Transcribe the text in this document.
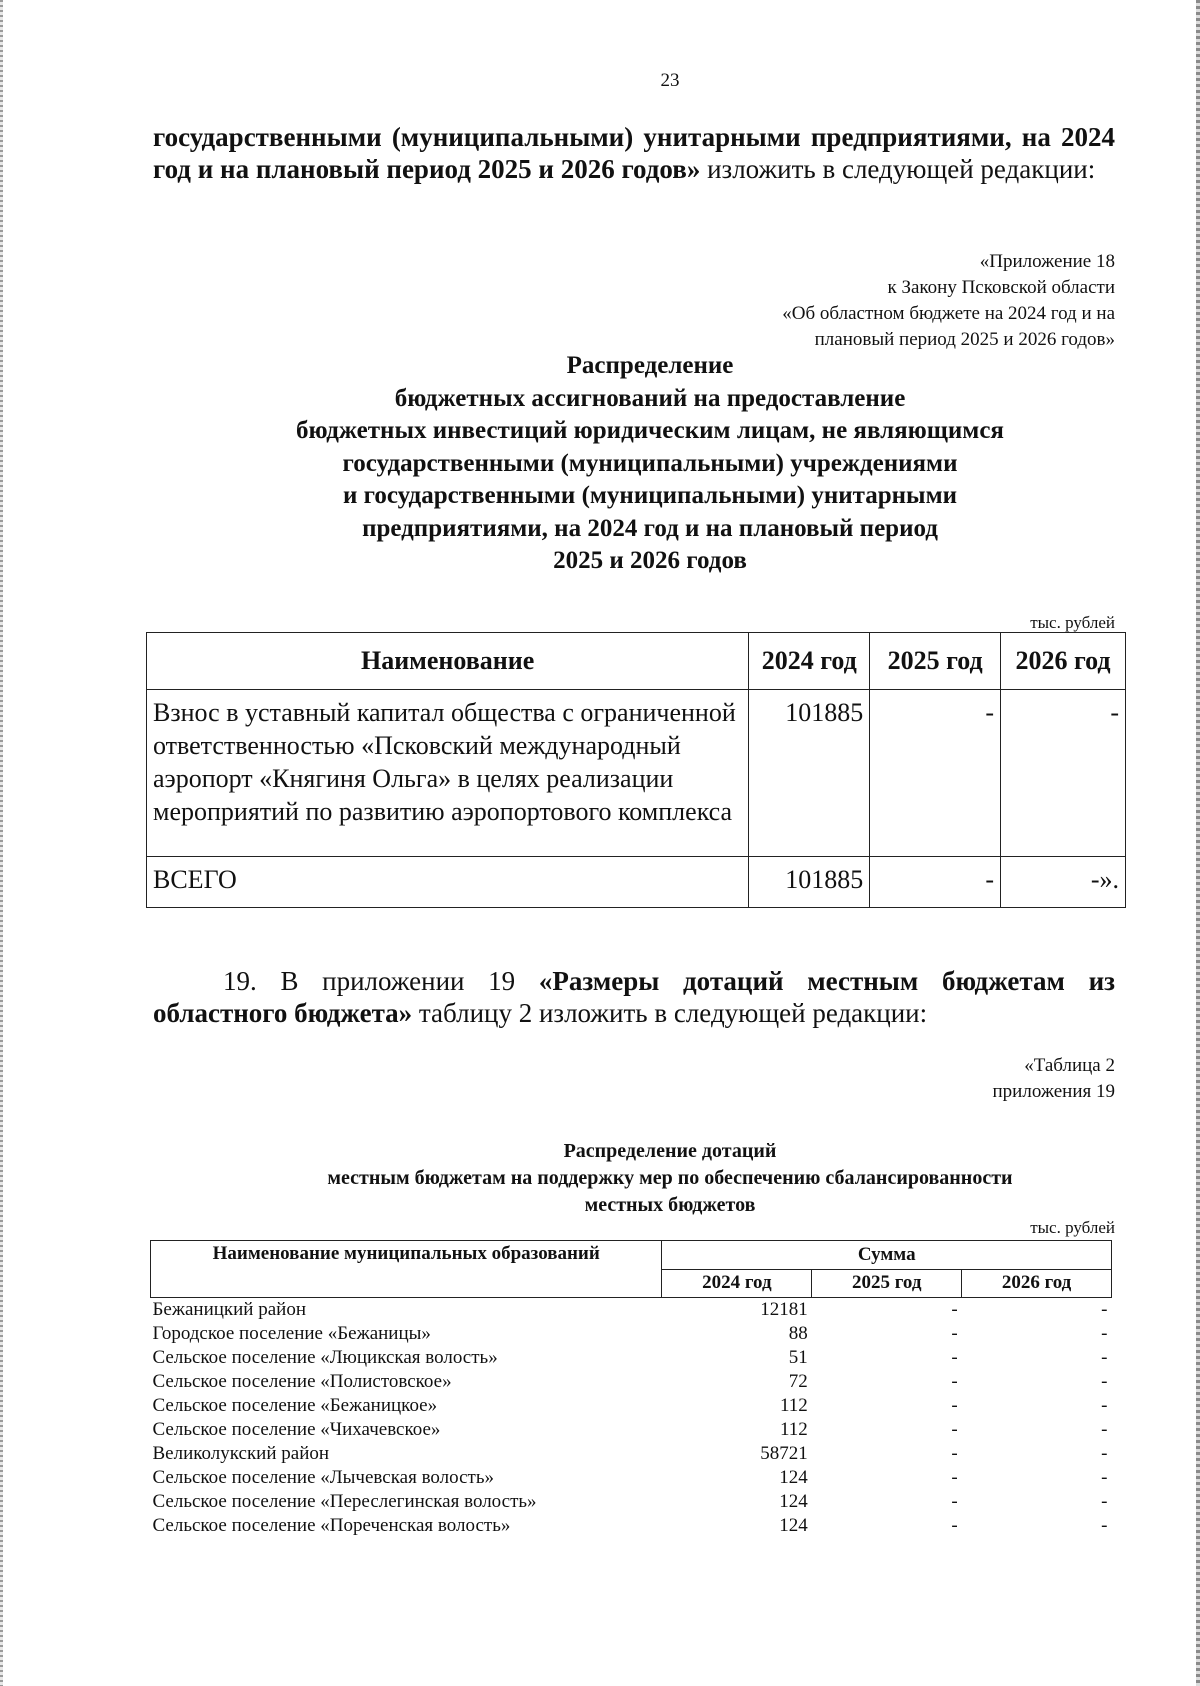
23
государственными (муниципальными) унитарными предприятиями, на 2024 год и на плановый период 2025 и 2026 годов» изложить в следующей редакции:
«Приложение 18
к Закону Псковской области
«Об областном бюджете на 2024 год и на
плановый период 2025 и 2026 годов»
Распределение
бюджетных ассигнований на предоставление
бюджетных инвестиций юридическим лицам, не являющимся
государственными (муниципальными) учреждениями
и государственными (муниципальными) унитарными
предприятиями, на 2024 год и на плановый период
2025 и 2026 годов
тыс. рублей
Наименование	2024 год	2025 год	2026 год
Взнос в уставный капитал общества с ограниченной ответственностью «Псковский международный аэропорт «Княгиня Ольга» в целях реализации мероприятий по развитию аэропортового комплекса	101885	-	-
ВСЕГО	101885	-	-».
19. В приложении 19 «Размеры дотаций местным бюджетам из областного бюджета» таблицу 2 изложить в следующей редакции:
«Таблица 2
приложения 19
Распределение дотаций
местным бюджетам на поддержку мер по обеспечению сбалансированности
местных бюджетов
тыс. рублей
Наименование муниципальных образований	Сумма		
	2024 год	2025 год	2026 год
Бежаницкий район	12181	-	-
Городское поселение «Бежаницы»	88	-	-
Сельское поселение «Люцикская волость»	51	-	-
Сельское поселение «Полистовское»	72	-	-
Сельское поселение «Бежаницкое»	112	-	-
Сельское поселение «Чихачевское»	112	-	-
Великолукский район	58721	-	-
Сельское поселение «Лычевская волость»	124	-	-
Сельское поселение «Переслегинская волость»	124	-	-
Сельское поселение «Пореченская волость»	124	-	-
